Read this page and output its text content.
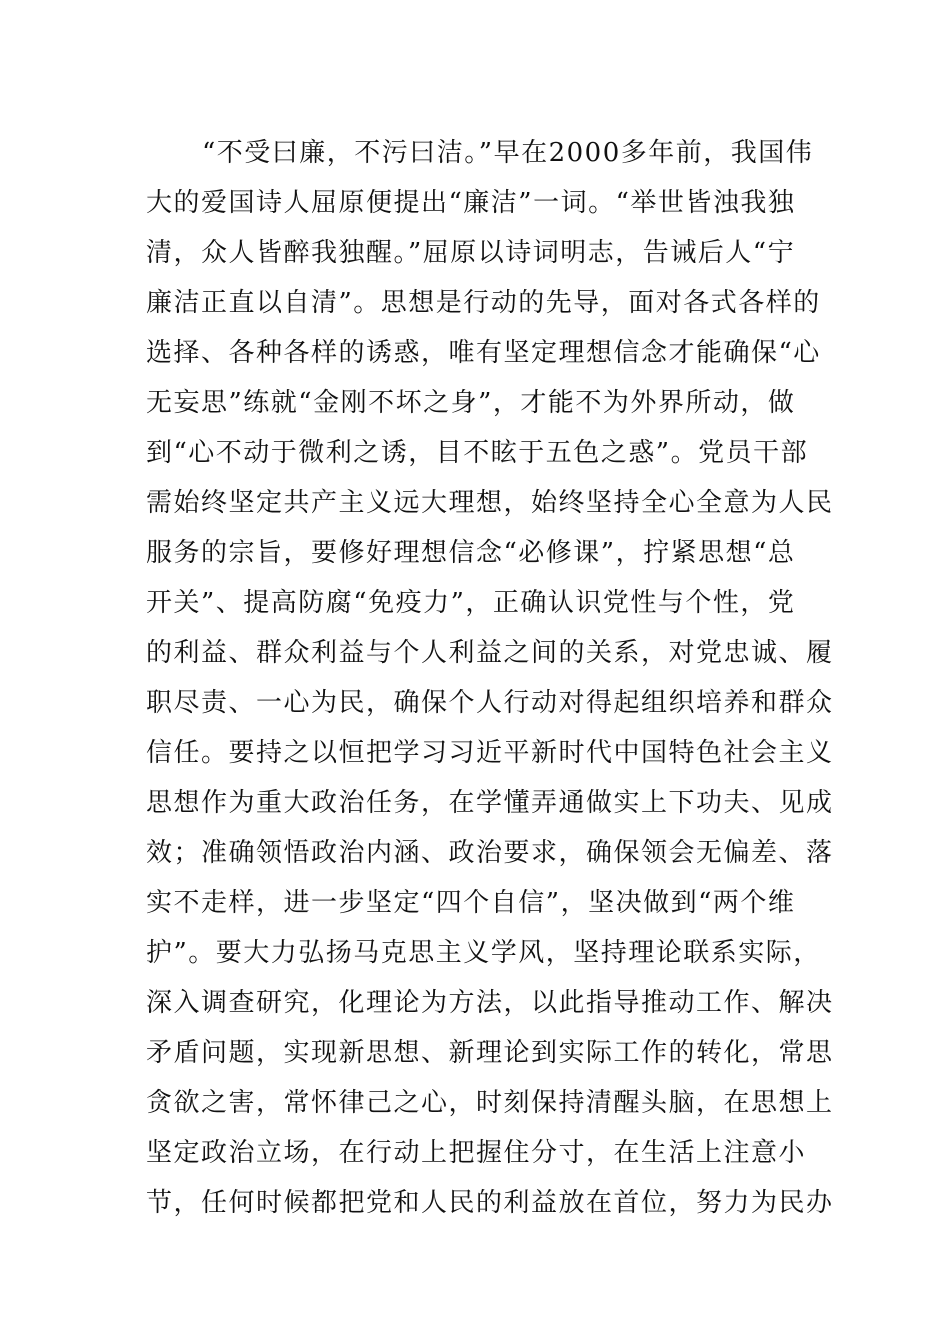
“不受曰廉，不污曰洁。”早在2000多年前，我国伟
大的爱国诗人屈原便提出“廉洁”一词。“举世皆浊我独
清，众人皆醉我独醒。”屈原以诗词明志，告诫后人“宁
廉洁正直以自清”。思想是行动的先导，面对各式各样的
选择、各种各样的诱惑，唯有坚定理想信念才能确保“心
无妄思”练就“金刚不坏之身”，才能不为外界所动，做
到“心不动于微利之诱，目不眩于五色之惑”。党员干部
需始终坚定共产主义远大理想，始终坚持全心全意为人民
服务的宗旨，要修好理想信念“必修课”，拧紧思想“总
开关”、提高防腐“免疫力”，正确认识党性与个性，党
的利益、群众利益与个人利益之间的关系，对党忠诚、履
职尽责、一心为民，确保个人行动对得起组织培养和群众
信任。要持之以恒把学习习近平新时代中国特色社会主义
思想作为重大政治任务，在学懂弄通做实上下功夫、见成
效；准确领悟政治内涵、政治要求，确保领会无偏差、落
实不走样，进一步坚定“四个自信”，坚决做到“两个维
护”。要大力弘扬马克思主义学风，坚持理论联系实际，
深入调查研究，化理论为方法，以此指导推动工作、解决
矛盾问题，实现新思想、新理论到实际工作的转化，常思
贪欲之害，常怀律己之心，时刻保持清醒头脑，在思想上
坚定政治立场，在行动上把握住分寸，在生活上注意小
节，任何时候都把党和人民的利益放在首位，努力为民办
